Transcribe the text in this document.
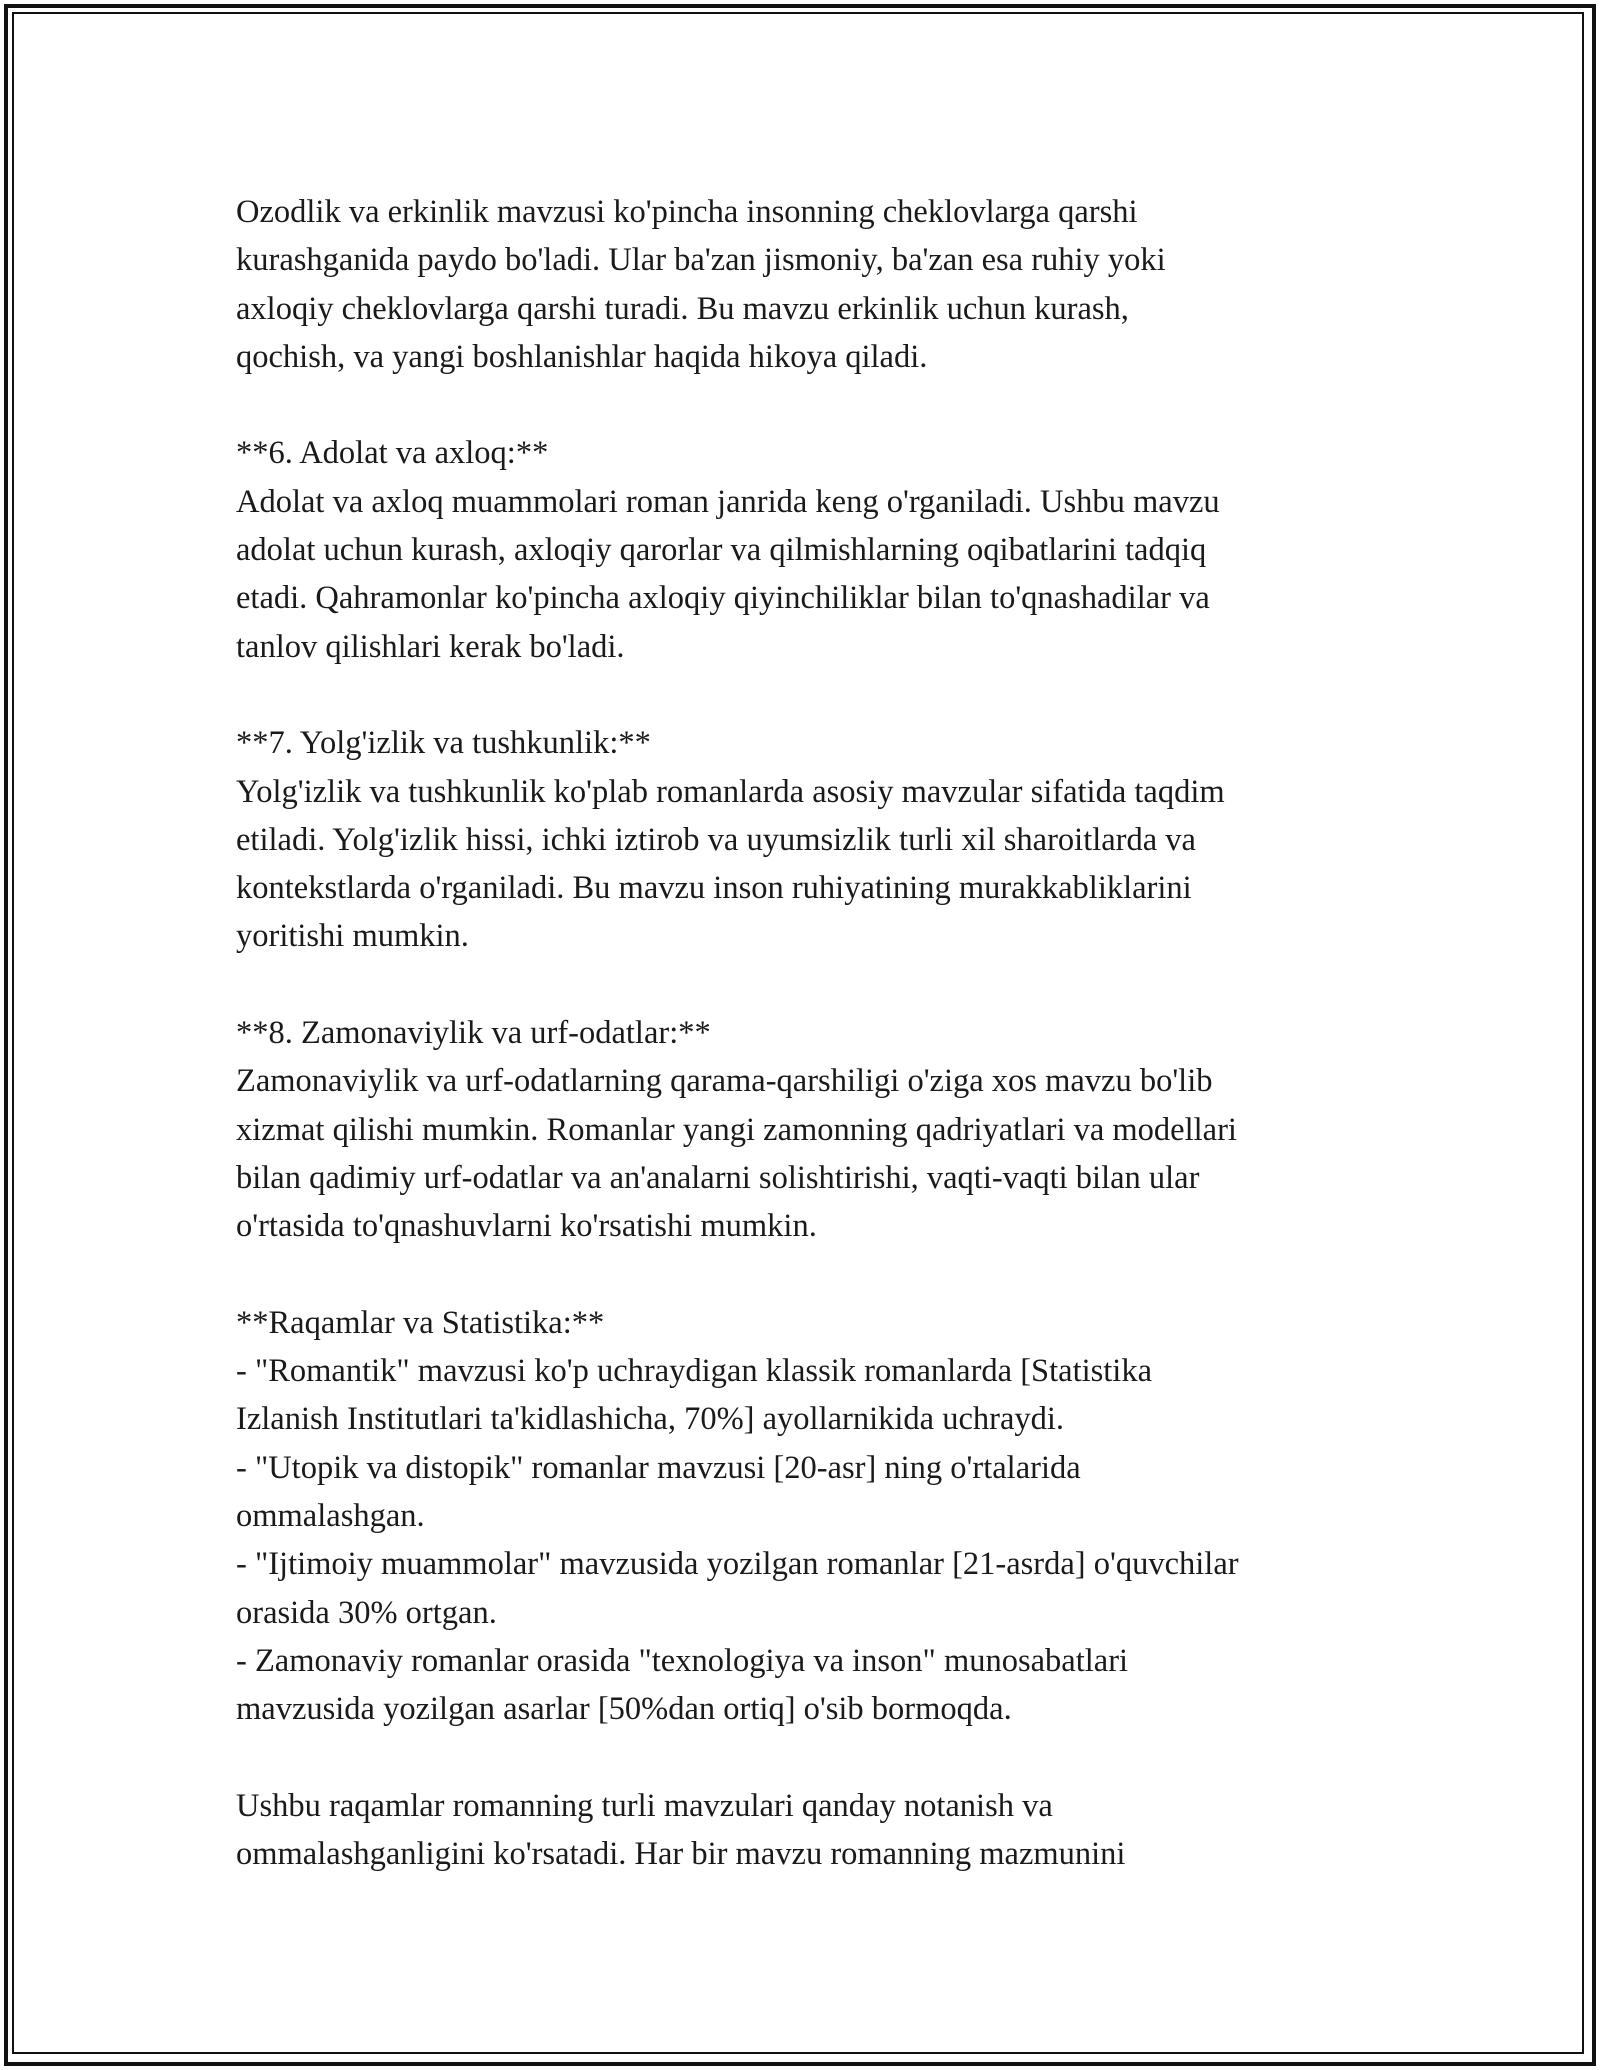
Ozodlik va erkinlik mavzusi ko'pincha insonning cheklovlarga qarshi
kurashganida paydo bo'ladi. Ular ba'zan jismoniy, ba'zan esa ruhiy yoki
axloqiy cheklovlarga qarshi turadi. Bu mavzu erkinlik uchun kurash,
qochish, va yangi boshlanishlar haqida hikoya qiladi.
**6. Adolat va axloq:**
Adolat va axloq muammolari roman janrida keng o'rganiladi. Ushbu mavzu
adolat uchun kurash, axloqiy qarorlar va qilmishlarning oqibatlarini tadqiq
etadi. Qahramonlar ko'pincha axloqiy qiyinchiliklar bilan to'qnashadilar va
tanlov qilishlari kerak bo'ladi.
**7. Yolg'izlik va tushkunlik:**
Yolg'izlik va tushkunlik ko'plab romanlarda asosiy mavzular sifatida taqdim
etiladi. Yolg'izlik hissi, ichki iztirob va uyumsizlik turli xil sharoitlarda va
kontekstlarda o'rganiladi. Bu mavzu inson ruhiyatining murakkabliklarini
yoritishi mumkin.
**8. Zamonaviylik va urf-odatlar:**
Zamonaviylik va urf-odatlarning qarama-qarshiligi o'ziga xos mavzu bo'lib
xizmat qilishi mumkin. Romanlar yangi zamonning qadriyatlari va modellari
bilan qadimiy urf-odatlar va an'analarni solishtirishi, vaqti-vaqti bilan ular
o'rtasida to'qnashuvlarni ko'rsatishi mumkin.
**Raqamlar va Statistika:**
- "Romantik" mavzusi ko'p uchraydigan klassik romanlarda [Statistika
Izlanish Institutlari ta'kidlashicha, 70%] ayollarnikida uchraydi.
- "Utopik va distopik" romanlar mavzusi [20-asr] ning o'rtalarida
ommalashgan.
- "Ijtimoiy muammolar" mavzusida yozilgan romanlar [21-asrda] o'quvchilar
orasida 30% ortgan.
- Zamonaviy romanlar orasida "texnologiya va inson" munosabatlari
mavzusida yozilgan asarlar [50%dan ortiq] o'sib bormoqda.
Ushbu raqamlar romanning turli mavzulari qanday notanish va
ommalashganligini ko'rsatadi. Har bir mavzu romanning mazmunini
